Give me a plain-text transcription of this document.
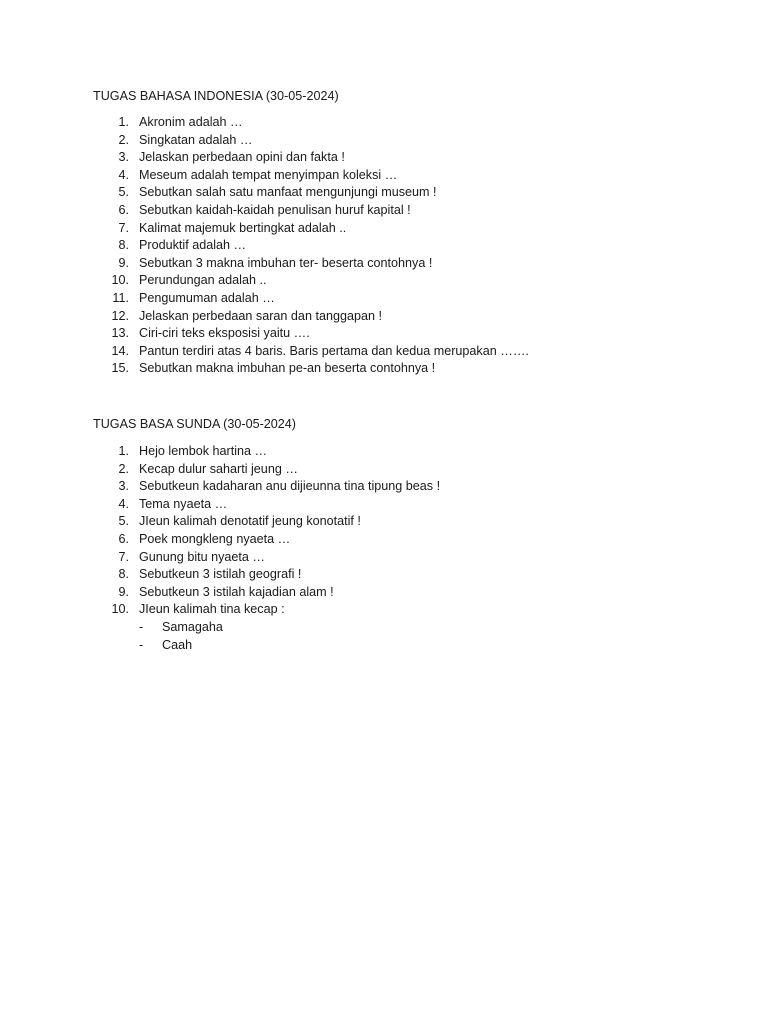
TUGAS BAHASA INDONESIA (30-05-2024)
1. Akronim adalah …
2. Singkatan adalah …
3. Jelaskan perbedaan opini dan fakta !
4. Meseum adalah tempat menyimpan koleksi …
5. Sebutkan salah satu manfaat mengunjungi museum !
6. Sebutkan kaidah-kaidah penulisan huruf kapital !
7. Kalimat majemuk bertingkat adalah ..
8. Produktif adalah …
9. Sebutkan 3 makna imbuhan ter- beserta contohnya !
10. Perundungan adalah ..
11. Pengumuman adalah …
12. Jelaskan perbedaan saran dan tanggapan !
13. Ciri-ciri teks eksposisi yaitu ….
14. Pantun terdiri atas 4 baris. Baris pertama dan kedua merupakan …….
15. Sebutkan makna imbuhan pe-an beserta contohnya !
TUGAS BASA SUNDA (30-05-2024)
1. Hejo lembok hartina …
2. Kecap dulur saharti jeung …
3. Sebutkeun kadaharan anu dijieunna tina tipung beas !
4. Tema nyaeta …
5. JIeun kalimah denotatif jeung konotatif !
6. Poek mongkleng nyaeta …
7. Gunung bitu nyaeta …
8. Sebutkeun 3 istilah geografi !
9. Sebutkeun 3 istilah kajadian alam !
10. JIeun kalimah tina kecap :
- Samagaha
- Caah
